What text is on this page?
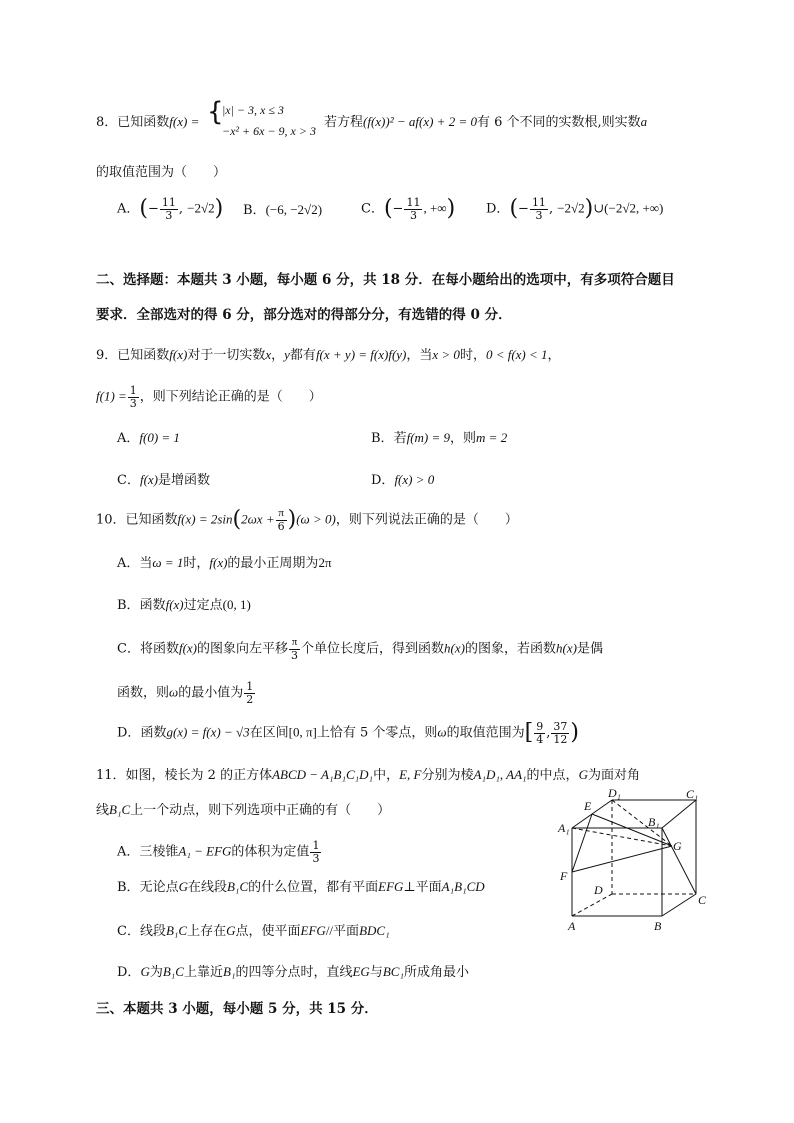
8．已知函数f(x) = {
|x| − 3, x ≤ 3
−x² + 6x − 9, x > 3
若方程(f(x))² − af(x) + 2 = 0有 6 个不同的实数根,则实数a
的取值范围为（　　）
A．(− $\frac{11}{3}$ , −2√2) B．(−6, −2√2)	C．(− $\frac{11}{3}$ , +∞) D．(− $\frac{11}{3}$ , −2√2)∪(−2√2, +∞)
二、选择题：本题共 3 小题，每小题 6 分，共 18 分．在每小题给出的选项中，有多项符合题目
要求．全部选对的得 6 分，部分选对的得部分分，有选错的得 0 分．
9．已知函数f(x)对于一切实数x，y都有f(x + y) = f(x)f(y)，当x > 0时，0 < f(x) < 1，
$f(1) = \frac{1}{3}$ ，则下列结论正确的是（　　）
A．f(0) = 1	B．若f(m) = 9，则m = 2
C．f(x)是增函数	D．f(x) > 0
10．已知函数$f(x) = 2\sin(2\omega x + \frac{\pi}{6} )(\omega > 0)$，则下列说法正确的是（　　）
A．当ω = 1时，f(x)的最小正周期为2π
B．函数f(x)过定点(0, 1)
C．将函数f(x)的图象向左平移 $\frac{\pi}{3}$ 个单位长度后，得到函数h(x)的图象，若函数h(x)是偶
函数，则ω的最小值为 $\frac{1}{2}$
D．函数g(x) = f(x) − √3在区间[0, π]上恰有 5 个零点，则ω的取值范围为[ $\frac{9}{4}$ , $\frac{37}{12}$ )
11．如图，棱长为 2 的正方体ABCD − A₁B₁C₁D₁中，E, F分别为棱A₁D₁, AA₁的中点，G为面对角
线B₁C上一个动点，则下列选项中正确的有（　　）
A．三棱锥A₁ − EFG的体积为定值 $\frac{1}{3}$
B．无论点G在线段B₁C的什么位置，都有平面EFG⊥平面A₁B₁CD
C．线段B₁C上存在G点，使平面EFG//平面BDC₁
D．G为B₁C上靠近B₁的四等分点时，直线EG与BC₁所成角最小
A₁
E
D₁	C₁
B₁
G
F
D
C
A	B
三、本题共 3 小题，每小题 5 分，共 15 分．
